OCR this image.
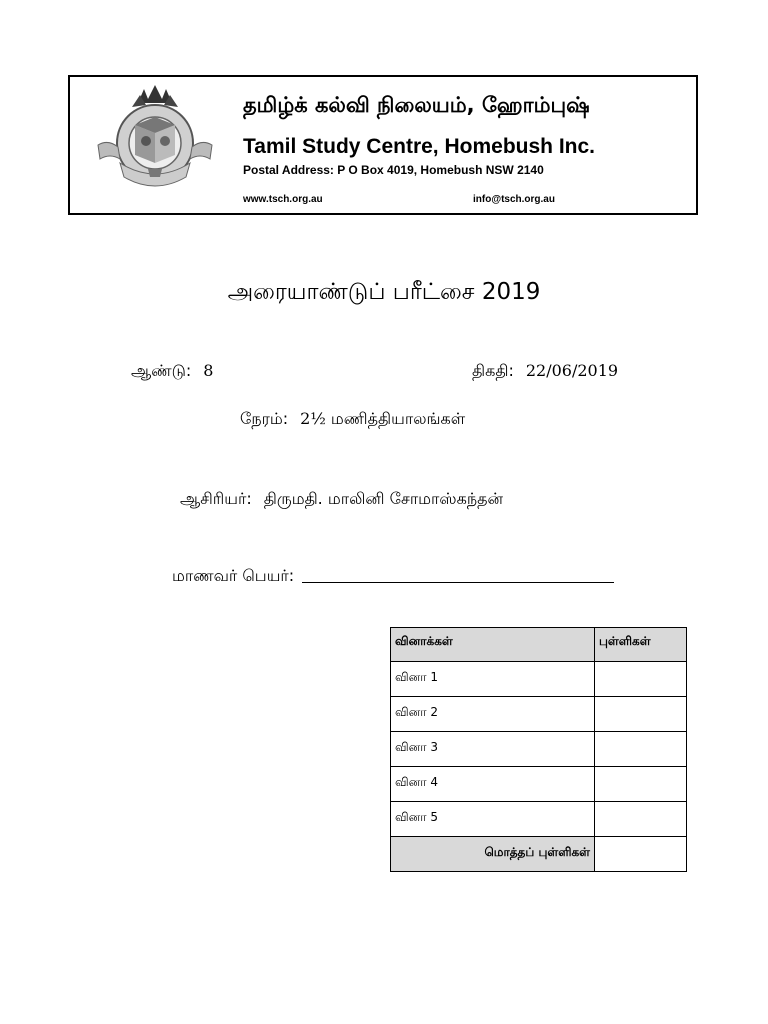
தமிழ்க் கல்வி நிலையம், ஹோம்புஷ்
Tamil Study Centre, Homebush Inc.
Postal Address: P O Box 4019, Homebush NSW 2140
www.tsch.org.au	info@tsch.org.au
அரையாண்டுப் பரீட்சை 2019
ஆண்டு: 8	திகதி: 22/06/2019
நேரம்: 2½ மணித்தியாலங்கள்
ஆசிரியர்: திருமதி. மாலினி சோமாஸ்கந்தன்
மாணவர் பெயர்:
வினாக்கள்	புள்ளிகள்
வினா 1	
வினா 2	
வினா 3	
வினா 4	
வினா 5	
மொத்தப் புள்ளிகள்	
